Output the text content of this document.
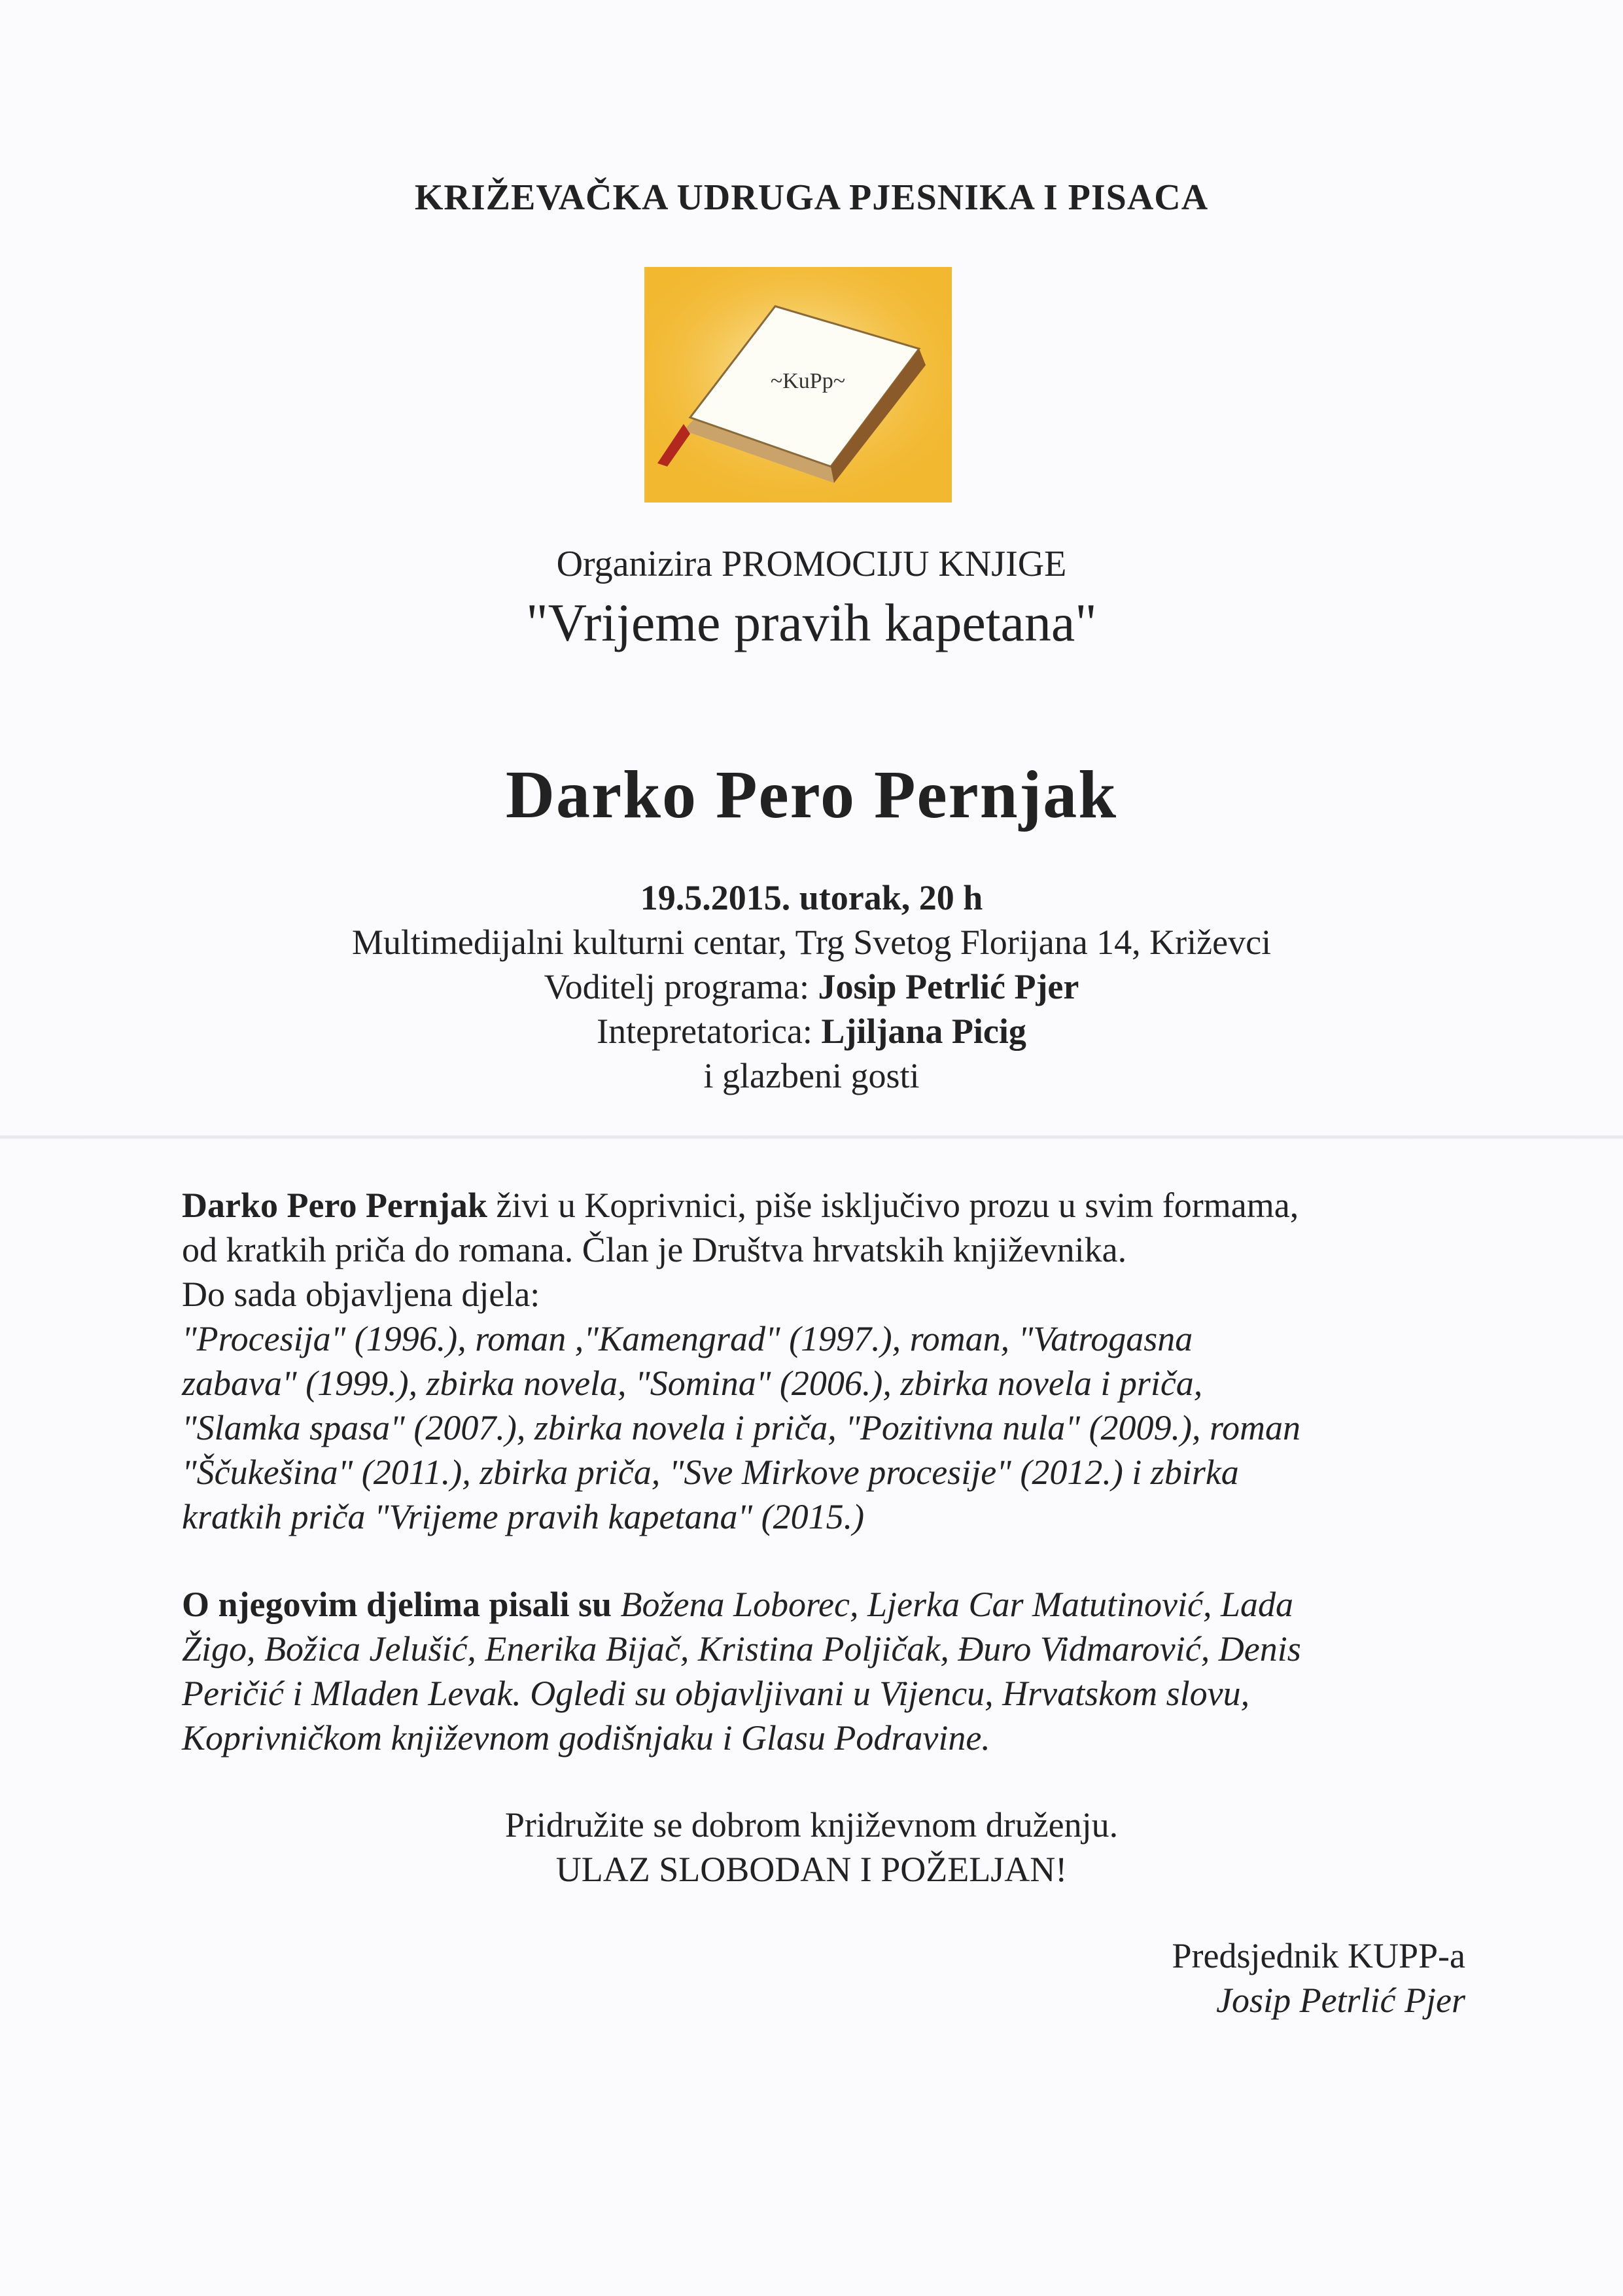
KRIŽEVAČKA UDRUGA PJESNIKA I PISACA
~KuPp~
Organizira PROMOCIJU KNJIGE
"Vrijeme pravih kapetana"
Darko Pero Pernjak
19.5.2015. utorak, 20 h
Multimedijalni kulturni centar, Trg Svetog Florijana 14, Križevci
Voditelj programa: Josip Petrlić Pjer
Intepretatorica: Ljiljana Picig
i glazbeni gosti
Darko Pero Pernjak živi u Koprivnici, piše isključivo prozu u svim formama,
od kratkih priča do romana. Član je Društva hrvatskih književnika.
Do sada objavljena djela:
"Procesija" (1996.), roman ,"Kamengrad" (1997.), roman, "Vatrogasna
zabava" (1999.), zbirka novela, "Somina" (2006.), zbirka novela i priča,
"Slamka spasa" (2007.), zbirka novela i priča, "Pozitivna nula" (2009.), roman
"Ščukešina" (2011.), zbirka priča, "Sve Mirkove procesije" (2012.) i zbirka
kratkih priča "Vrijeme pravih kapetana" (2015.)
O njegovim djelima pisali su Božena Loborec, Ljerka Car Matutinović, Lada
Žigo, Božica Jelušić, Enerika Bijač, Kristina Poljičak, Đuro Vidmarović, Denis
Peričić i Mladen Levak. Ogledi su objavljivani u Vijencu, Hrvatskom slovu,
Koprivničkom književnom godišnjaku i Glasu Podravine.
Pridružite se dobrom književnom druženju.
ULAZ SLOBODAN I POŽELJAN!
Predsjednik KUPP-a
Josip Petrlić Pjer
